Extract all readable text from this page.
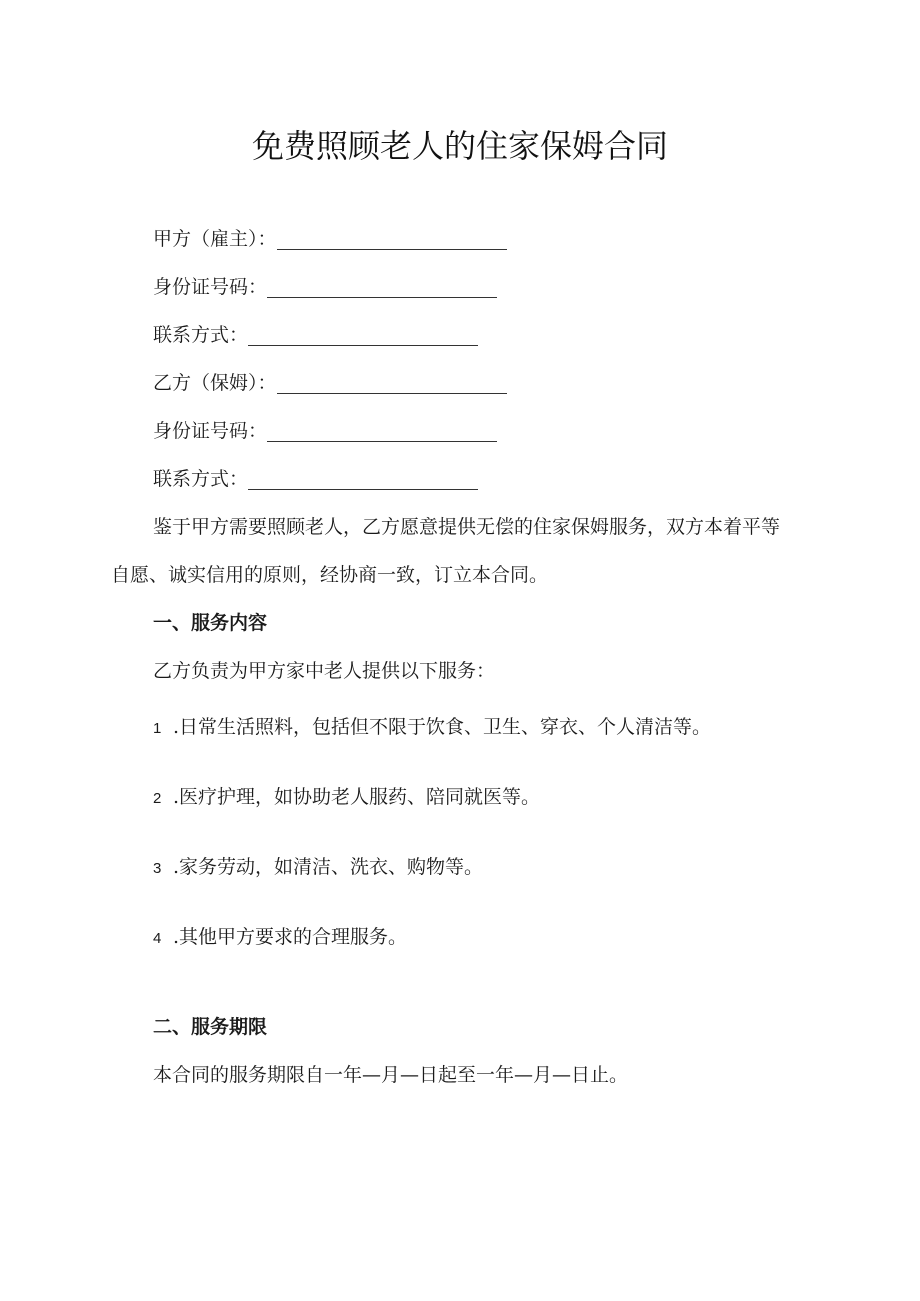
免费照顾老人的住家保姆合同
甲方（雇主）：
身份证号码：
联系方式：
乙方（保姆）：
身份证号码：
联系方式：
鉴于甲方需要照顾老人，乙方愿意提供无偿的住家保姆服务，双方本着平等
自愿、诚实信用的原则，经协商一致，订立本合同。
一、服务内容
乙方负责为甲方家中老人提供以下服务：
1 .日常生活照料，包括但不限于饮食、卫生、穿衣、个人清洁等。
2 .医疗护理，如协助老人服药、陪同就医等。
3 .家务劳动，如清洁、洗衣、购物等。
4 .其他甲方要求的合理服务。
二、服务期限
本合同的服务期限自一年—月—日起至一年—月—日止。
